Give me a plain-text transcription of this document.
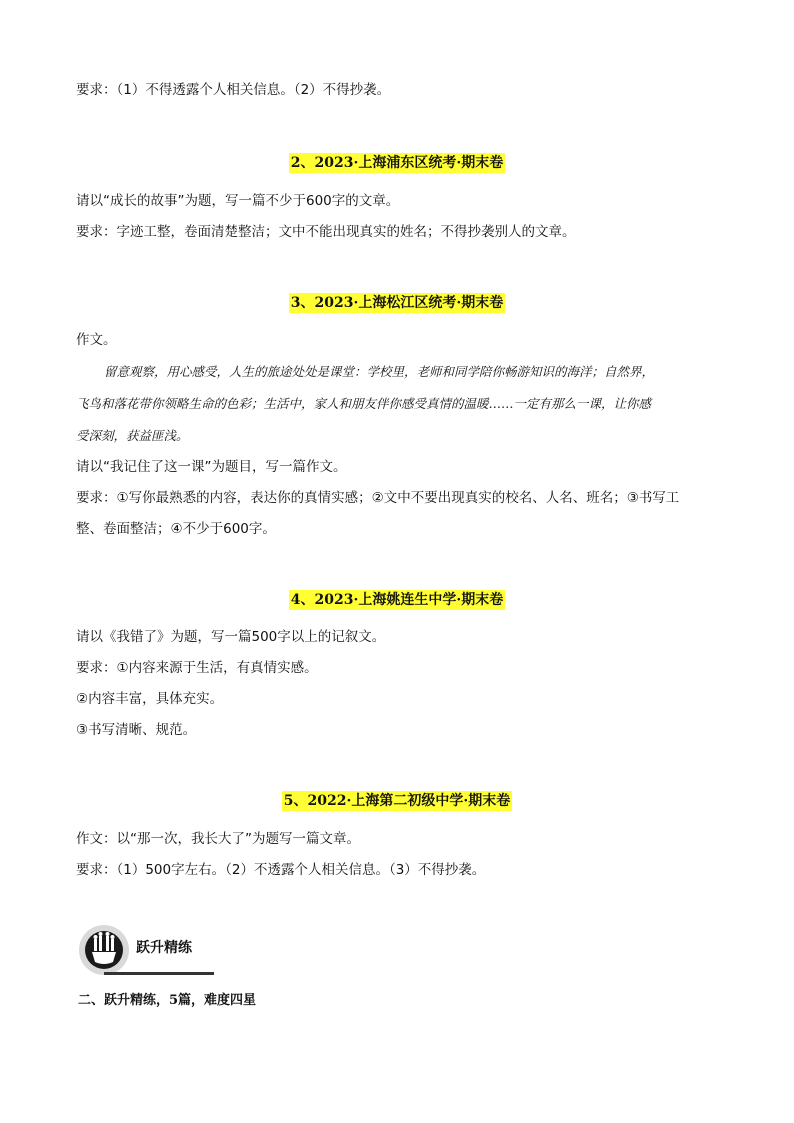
要求：（1）不得透露个人相关信息。（2）不得抄袭。
2、2023·上海浦东区统考·期末卷
请以“成长的故事”为题，写一篇不少于600字的文章。
要求：字迹工整，卷面清楚整洁；文中不能出现真实的姓名；不得抄袭别人的文章。
3、2023·上海松江区统考·期末卷
作文。
留意观察，用心感受，人生的旅途处处是课堂：学校里，老师和同学陪你畅游知识的海洋；自然界，
飞鸟和落花带你领略生命的色彩；生活中，家人和朋友伴你感受真情的温暖……一定有那么一课，让你感
受深刻，获益匪浅。
请以“我记住了这一课”为题目，写一篇作文。
要求：①写你最熟悉的内容，表达你的真情实感；②文中不要出现真实的校名、人名、班名；③书写工
整、卷面整洁；④不少于600字。
4、2023·上海姚连生中学·期末卷
请以《我错了》为题，写一篇500字以上的记叙文。
要求：①内容来源于生活，有真情实感。
②内容丰富，具体充实。
③书写清晰、规范。
5、2022·上海第二初级中学·期末卷
作文：以“那一次，我长大了”为题写一篇文章。
要求：（1）500字左右。（2）不透露个人相关信息。（3）不得抄袭。
跃升精练
二、跃升精练，5篇，难度四星
